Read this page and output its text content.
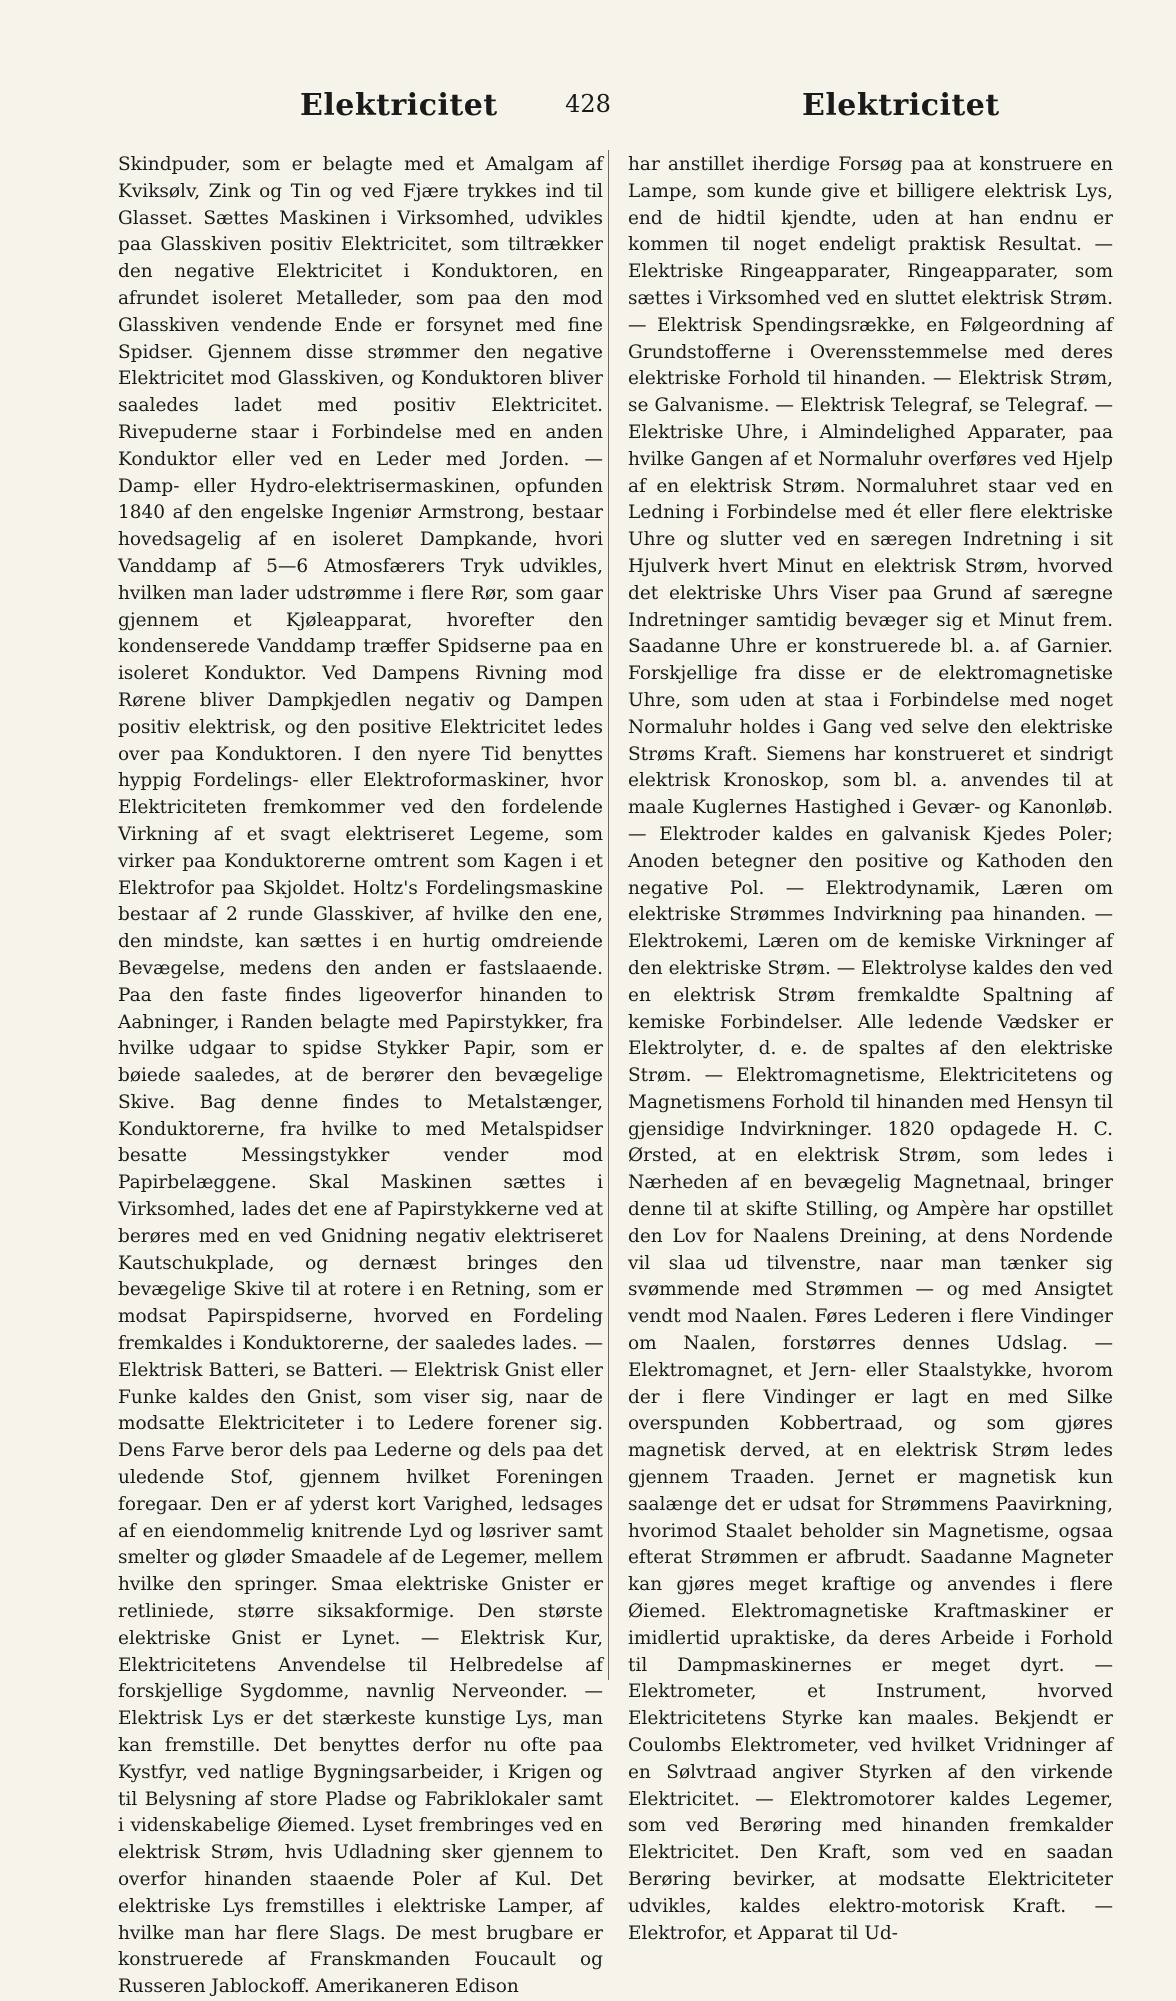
Elektricitet	428	Elektricitet

Skindpuder, som er belagte med et Amalgam af Kviksølv, Zink og Tin og ved Fjære trykkes ind til Glasset. Sættes Maskinen i Virksomhed, udvikles paa Glasskiven positiv Elektricitet, som tiltrækker den negative Elektricitet i Konduktoren, en afrundet isoleret Metalleder, som paa den mod Glasskiven vendende Ende er forsynet med fine Spidser. Gjennem disse strømmer den negative Elektricitet mod Glasskiven, og Konduktoren bliver saaledes ladet med positiv Elektricitet. Rivepuderne staar i Forbindelse med en anden Konduktor eller ved en Leder med Jorden. — Damp- eller Hydro-elektrisermaskinen, opfunden 1840 af den engelske Ingeniør Armstrong, bestaar hovedsagelig af en isoleret Dampkande, hvori Vanddamp af 5—6 Atmosfærers Tryk udvikles, hvilken man lader udstrømme i flere Rør, som gaar gjennem et Kjøleapparat, hvorefter den kondenserede Vanddamp træffer Spidserne paa en isoleret Konduktor. Ved Dampens Rivning mod Rørene bliver Dampkjedlen negativ og Dampen positiv elektrisk, og den positive Elektricitet ledes over paa Konduktoren. I den nyere Tid benyttes hyppig Fordelings- eller Elektroformaskiner, hvor Elektriciteten fremkommer ved den fordelende Virkning af et svagt elektriseret Legeme, som virker paa Konduktorerne omtrent som Kagen i et Elektrofor paa Skjoldet. Holtz's Fordelingsmaskine bestaar af 2 runde Glasskiver, af hvilke den ene, den mindste, kan sættes i en hurtig omdreiende Bevægelse, medens den anden er fastslaaende. Paa den faste findes ligeoverfor hinanden to Aabninger, i Randen belagte med Papirstykker, fra hvilke udgaar to spidse Stykker Papir, som er bøiede saaledes, at de berører den bevægelige Skive. Bag denne findes to Metalstænger, Konduktorerne, fra hvilke to med Metalspidser besatte Messingstykker vender mod Papirbelæggene. Skal Maskinen sættes i Virksomhed, lades det ene af Papirstykkerne ved at berøres med en ved Gnidning negativ elektriseret Kautschukplade, og dernæst bringes den bevægelige Skive til at rotere i en Retning, som er modsat Papirspidserne, hvorved en Fordeling fremkaldes i Konduktorerne, der saaledes lades. — Elektrisk Batteri, se Batteri. — Elektrisk Gnist eller Funke kaldes den Gnist, som viser sig, naar de modsatte Elektriciteter i to Ledere forener sig. Dens Farve beror dels paa Lederne og dels paa det uledende Stof, gjennem hvilket Foreningen foregaar. Den er af yderst kort Varighed, ledsages af en eiendommelig knitrende Lyd og løsriver samt smelter og gløder Smaadele af de Legemer, mellem hvilke den springer. Smaa elektriske Gnister er retliniede, større siksakformige. Den største elektriske Gnist er Lynet. — Elektrisk Kur, Elektricitetens Anvendelse til Helbredelse af forskjellige Sygdomme, navnlig Nerveonder. — Elektrisk Lys er det stærkeste kunstige Lys, man kan fremstille. Det benyttes derfor nu ofte paa Kystfyr, ved natlige Bygningsarbeider, i Krigen og til Belysning af store Pladse og Fabriklokaler samt i videnskabelige Øiemed. Lyset frembringes ved en elektrisk Strøm, hvis Udladning sker gjennem to overfor hinanden staaende Poler af Kul. Det elektriske Lys fremstilles i elektriske Lamper, af hvilke man har flere Slags. De mest brugbare er konstruerede af Franskmanden Foucault og Russeren Jablockoff. Amerikaneren Edison

har anstillet iherdige Forsøg paa at konstruere en Lampe, som kunde give et billigere elektrisk Lys, end de hidtil kjendte, uden at han endnu er kommen til noget endeligt praktisk Resultat. — Elektriske Ringeapparater, Ringeapparater, som sættes i Virksomhed ved en sluttet elektrisk Strøm. — Elektrisk Spendingsrække, en Følgeordning af Grundstofferne i Overensstemmelse med deres elektriske Forhold til hinanden. — Elektrisk Strøm, se Galvanisme. — Elektrisk Telegraf, se Telegraf. — Elektriske Uhre, i Almindelighed Apparater, paa hvilke Gangen af et Normaluhr overføres ved Hjelp af en elektrisk Strøm. Normaluhret staar ved en Ledning i Forbindelse med ét eller flere elektriske Uhre og slutter ved en særegen Indretning i sit Hjulverk hvert Minut en elektrisk Strøm, hvorved det elektriske Uhrs Viser paa Grund af særegne Indretninger samtidig bevæger sig et Minut frem. Saadanne Uhre er konstruerede bl. a. af Garnier. Forskjellige fra disse er de elektromagnetiske Uhre, som uden at staa i Forbindelse med noget Normaluhr holdes i Gang ved selve den elektriske Strøms Kraft. Siemens har konstrueret et sindrigt elektrisk Kronoskop, som bl. a. anvendes til at maale Kuglernes Hastighed i Gevær- og Kanonløb. — Elektroder kaldes en galvanisk Kjedes Poler; Anoden betegner den positive og Kathoden den negative Pol. — Elektrodynamik, Læren om elektriske Strømmes Indvirkning paa hinanden. — Elektrokemi, Læren om de kemiske Virkninger af den elektriske Strøm. — Elektrolyse kaldes den ved en elektrisk Strøm fremkaldte Spaltning af kemiske Forbindelser. Alle ledende Vædsker er Elektrolyter, d. e. de spaltes af den elektriske Strøm. — Elektromagnetisme, Elektricitetens og Magnetismens Forhold til hinanden med Hensyn til gjensidige Indvirkninger. 1820 opdagede H. C. Ørsted, at en elektrisk Strøm, som ledes i Nærheden af en bevægelig Magnetnaal, bringer denne til at skifte Stilling, og Ampère har opstillet den Lov for Naalens Dreining, at dens Nordende vil slaa ud tilvenstre, naar man tænker sig svømmende med Strømmen — og med Ansigtet vendt mod Naalen. Føres Lederen i flere Vindinger om Naalen, forstørres dennes Udslag. — Elektromagnet, et Jern- eller Staalstykke, hvorom der i flere Vindinger er lagt en med Silke overspunden Kobbertraad, og som gjøres magnetisk derved, at en elektrisk Strøm ledes gjennem Traaden. Jernet er magnetisk kun saalænge det er udsat for Strømmens Paavirkning, hvorimod Staalet beholder sin Magnetisme, ogsaa efterat Strømmen er afbrudt. Saadanne Magneter kan gjøres meget kraftige og anvendes i flere Øiemed. Elektromagnetiske Kraftmaskiner er imidlertid upraktiske, da deres Arbeide i Forhold til Dampmaskinernes er meget dyrt. — Elektrometer, et Instrument, hvorved Elektricitetens Styrke kan maales. Bekjendt er Coulombs Elektrometer, ved hvilket Vridninger af en Sølvtraad angiver Styrken af den virkende Elektricitet. — Elektromotorer kaldes Legemer, som ved Berøring med hinanden fremkalder Elektricitet. Den Kraft, som ved en saadan Berøring bevirker, at modsatte Elektriciteter udvikles, kaldes elektro-motorisk Kraft. — Elektrofor, et Apparat til Ud-
